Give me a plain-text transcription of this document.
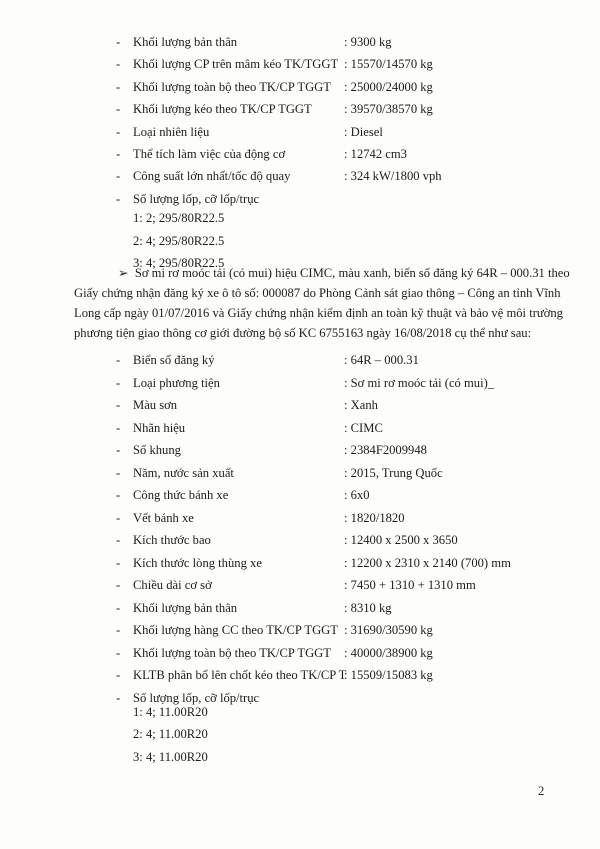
- Khối lượng bản thân	: 9300 kg
- Khối lượng CP trên mâm kéo TK/TGGT : 15570/14570 kg
- Khối lượng toàn bộ theo TK/CP TGGT : 25000/24000 kg
- Khối lượng kéo theo TK/CP TGGT	: 39570/38570 kg
- Loại nhiên liệu	: Diesel
- Thể tích làm việc của động cơ	: 12742 cm3
- Công suất lớn nhất/tốc độ quay	: 324 kW/1800 vph
- Số lượng lốp, cỡ lốp/trục
1: 2; 295/80R22.5
2: 4; 295/80R22.5
3: 4; 295/80R22.5
➢ Sơ mi rơ moóc tải (có mui) hiệu CIMC, màu xanh, biển số đăng ký 64R – 000.31 theo
Giấy chứng nhận đăng ký xe ô tô số: 000087 do Phòng Cảnh sát giao thông – Công an tỉnh Vĩnh
Long cấp ngày 01/07/2016 và Giấy chứng nhận kiểm định an toàn kỹ thuật và bảo vệ môi trường
phương tiện giao thông cơ giới đường bộ số KC 6755163 ngày 16/08/2018 cụ thể như sau:
- Biển số đăng ký	: 64R – 000.31
- Loại phương tiện	: Sơ mi rơ moóc tải (có mui)_
- Màu sơn	: Xanh
- Nhãn hiệu	: CIMC
- Số khung	: 2384F2009948
- Năm, nước sản xuất	: 2015, Trung Quốc
- Công thức bánh xe	: 6x0
- Vết bánh xe	: 1820/1820
- Kích thước bao	: 12400 x 2500 x 3650
- Kích thước lòng thùng xe	: 12200 x 2310 x 2140 (700) mm
- Chiều dài cơ sở	: 7450 + 1310 + 1310 mm
- Khối lượng bản thân	: 8310 kg
- Khối lượng hàng CC theo TK/CP TGGT : 31690/30590 kg
- Khối lượng toàn bộ theo TK/CP TGGT : 40000/38900 kg
- KLTB phân bổ lên chốt kéo theo TK/CP T
: 15509/15083 kg
- Số lượng lốp, cỡ lốp/trục
1: 4; 11.00R20
2: 4; 11.00R20
3: 4; 11.00R20
2
